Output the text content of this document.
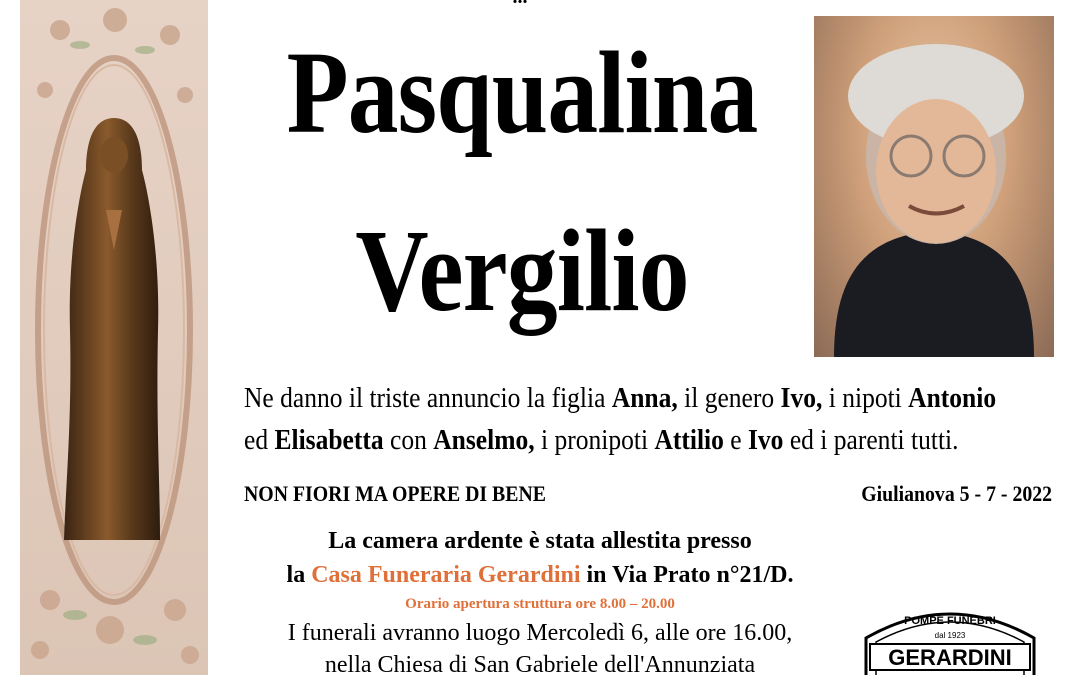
Pasqualina
Vergilio
Ne danno il triste annuncio la figlia Anna, il genero Ivo, i nipoti Antonio
ed Elisabetta con Anselmo, i pronipoti Attilio e Ivo ed i parenti tutti.
NON FIORI MA OPERE DI BENE	Giulianova 5 - 7 - 2022
La camera ardente è stata allestita presso
la Casa Funeraria Gerardini in Via Prato n°21/D.
Orario apertura struttura ore 8.00 – 20.00
I funerali avranno luogo Mercoledì 6, alle ore 16.00,
nella Chiesa di San Gabriele dell'Annunziata
POMPE FUNEBRI
dal 1923
GERARDINI
